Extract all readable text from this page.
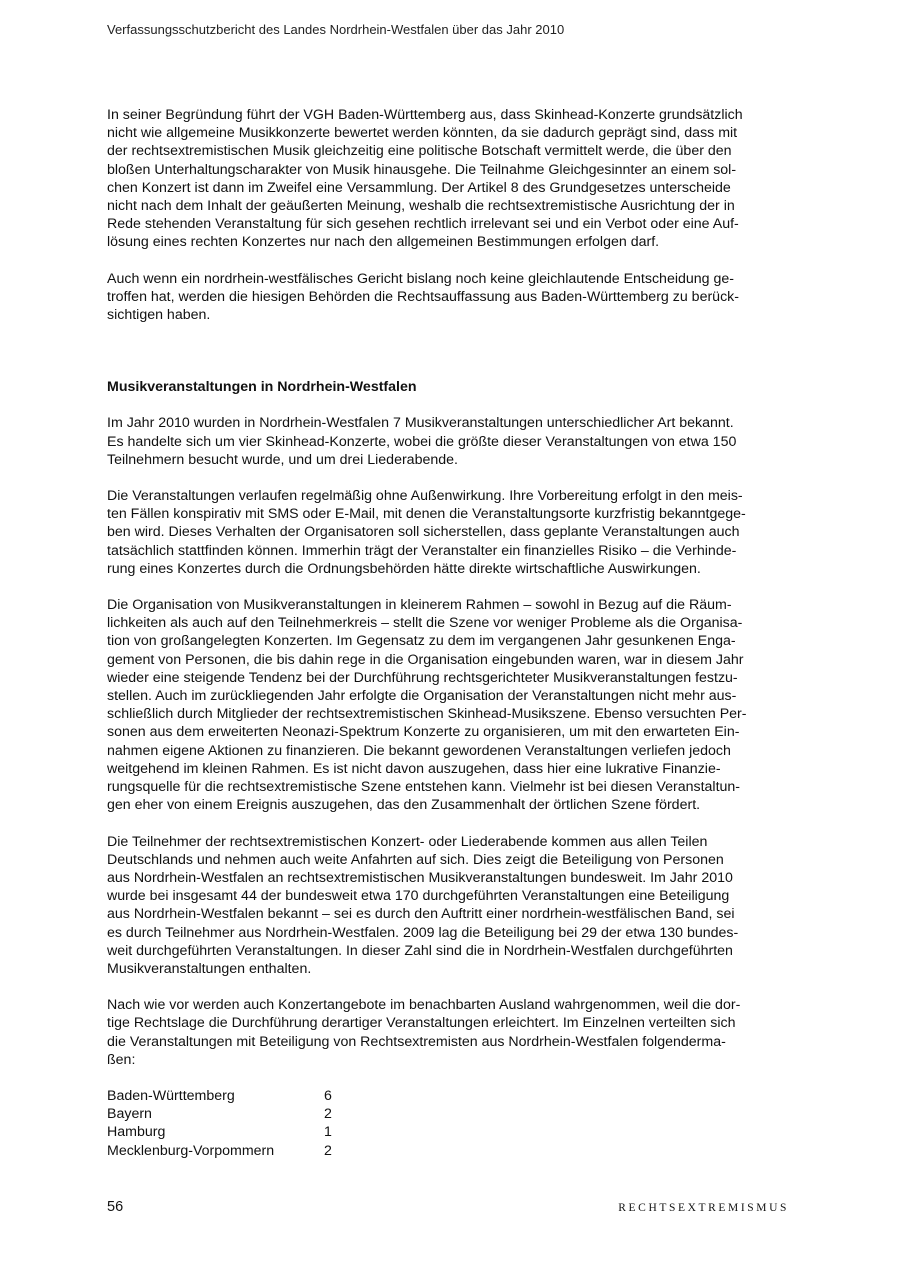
Verfassungsschutzbericht des Landes Nordrhein-Westfalen über das Jahr 2010
In seiner Begründung führt der VGH Baden-Württemberg aus, dass Skinhead-Konzerte grundsätzlich
nicht wie allgemeine Musikkonzerte bewertet werden könnten, da sie dadurch geprägt sind, dass mit
der rechtsextremistischen Musik gleichzeitig eine politische Botschaft vermittelt werde, die über den
bloßen Unterhaltungscharakter von Musik hinausgehe. Die Teilnahme Gleichgesinnter an einem sol-
chen Konzert ist dann im Zweifel eine Versammlung. Der Artikel 8 des Grundgesetzes unterscheide
nicht nach dem Inhalt der geäußerten Meinung, weshalb die rechtsextremistische Ausrichtung der in
Rede stehenden Veranstaltung für sich gesehen rechtlich irrelevant sei und ein Verbot oder eine Auf-
lösung eines rechten Konzertes nur nach den allgemeinen Bestimmungen erfolgen darf.
Auch wenn ein nordrhein-westfälisches Gericht bislang noch keine gleichlautende Entscheidung ge-
troffen hat, werden die hiesigen Behörden die Rechtsauffassung aus Baden-Württemberg zu berück-
sichtigen haben.
Musikveranstaltungen in Nordrhein-Westfalen
Im Jahr 2010 wurden in Nordrhein-Westfalen 7 Musikveranstaltungen unterschiedlicher Art bekannt.
Es handelte sich um vier Skinhead-Konzerte, wobei die größte dieser Veranstaltungen von etwa 150
Teilnehmern besucht wurde, und um drei Liederabende.
Die Veranstaltungen verlaufen regelmäßig ohne Außenwirkung. Ihre Vorbereitung erfolgt in den meis-
ten Fällen konspirativ mit SMS oder E-Mail, mit denen die Veranstaltungsorte kurzfristig bekanntgege-
ben wird. Dieses Verhalten der Organisatoren soll sicherstellen, dass geplante Veranstaltungen auch
tatsächlich stattfinden können. Immerhin trägt der Veranstalter ein finanzielles Risiko – die Verhinde-
rung eines Konzertes durch die Ordnungsbehörden hätte direkte wirtschaftliche Auswirkungen.
Die Organisation von Musikveranstaltungen in kleinerem Rahmen – sowohl in Bezug auf die Räum-
lichkeiten als auch auf den Teilnehmerkreis – stellt die Szene vor weniger Probleme als die Organisa-
tion von großangelegten Konzerten. Im Gegensatz zu dem im vergangenen Jahr gesunkenen Enga-
gement von Personen, die bis dahin rege in die Organisation eingebunden waren, war in diesem Jahr
wieder eine steigende Tendenz bei der Durchführung rechtsgerichteter Musikveranstaltungen festzu-
stellen. Auch im zurückliegenden Jahr erfolgte die Organisation der Veranstaltungen nicht mehr aus-
schließlich durch Mitglieder der rechtsextremistischen Skinhead-Musikszene. Ebenso versuchten Per-
sonen aus dem erweiterten Neonazi-Spektrum Konzerte zu organisieren, um mit den erwarteten Ein-
nahmen eigene Aktionen zu finanzieren. Die bekannt gewordenen Veranstaltungen verliefen jedoch
weitgehend im kleinen Rahmen. Es ist nicht davon auszugehen, dass hier eine lukrative Finanzie-
rungsquelle für die rechtsextremistische Szene entstehen kann. Vielmehr ist bei diesen Veranstaltun-
gen eher von einem Ereignis auszugehen, das den Zusammenhalt der örtlichen Szene fördert.
Die Teilnehmer der rechtsextremistischen Konzert- oder Liederabende kommen aus allen Teilen
Deutschlands und nehmen auch weite Anfahrten auf sich. Dies zeigt die Beteiligung von Personen
aus Nordrhein-Westfalen an rechtsextremistischen Musikveranstaltungen bundesweit. Im Jahr 2010
wurde bei insgesamt 44 der bundesweit etwa 170 durchgeführten Veranstaltungen eine Beteiligung
aus Nordrhein-Westfalen bekannt – sei es durch den Auftritt einer nordrhein-westfälischen Band, sei
es durch Teilnehmer aus Nordrhein-Westfalen. 2009 lag die Beteiligung bei 29 der etwa 130 bundes-
weit durchgeführten Veranstaltungen. In dieser Zahl sind die in Nordrhein-Westfalen durchgeführten
Musikveranstaltungen enthalten.
Nach wie vor werden auch Konzertangebote im benachbarten Ausland wahrgenommen, weil die dor-
tige Rechtslage die Durchführung derartiger Veranstaltungen erleichtert. Im Einzelnen verteilten sich
die Veranstaltungen mit Beteiligung von Rechtsextremisten aus Nordrhein-Westfalen folgenderma-
ßen:
Baden-Württemberg	6
Bayern	2
Hamburg	1
Mecklenburg-Vorpommern	2
56	RECHTSEXTREMISMUS
